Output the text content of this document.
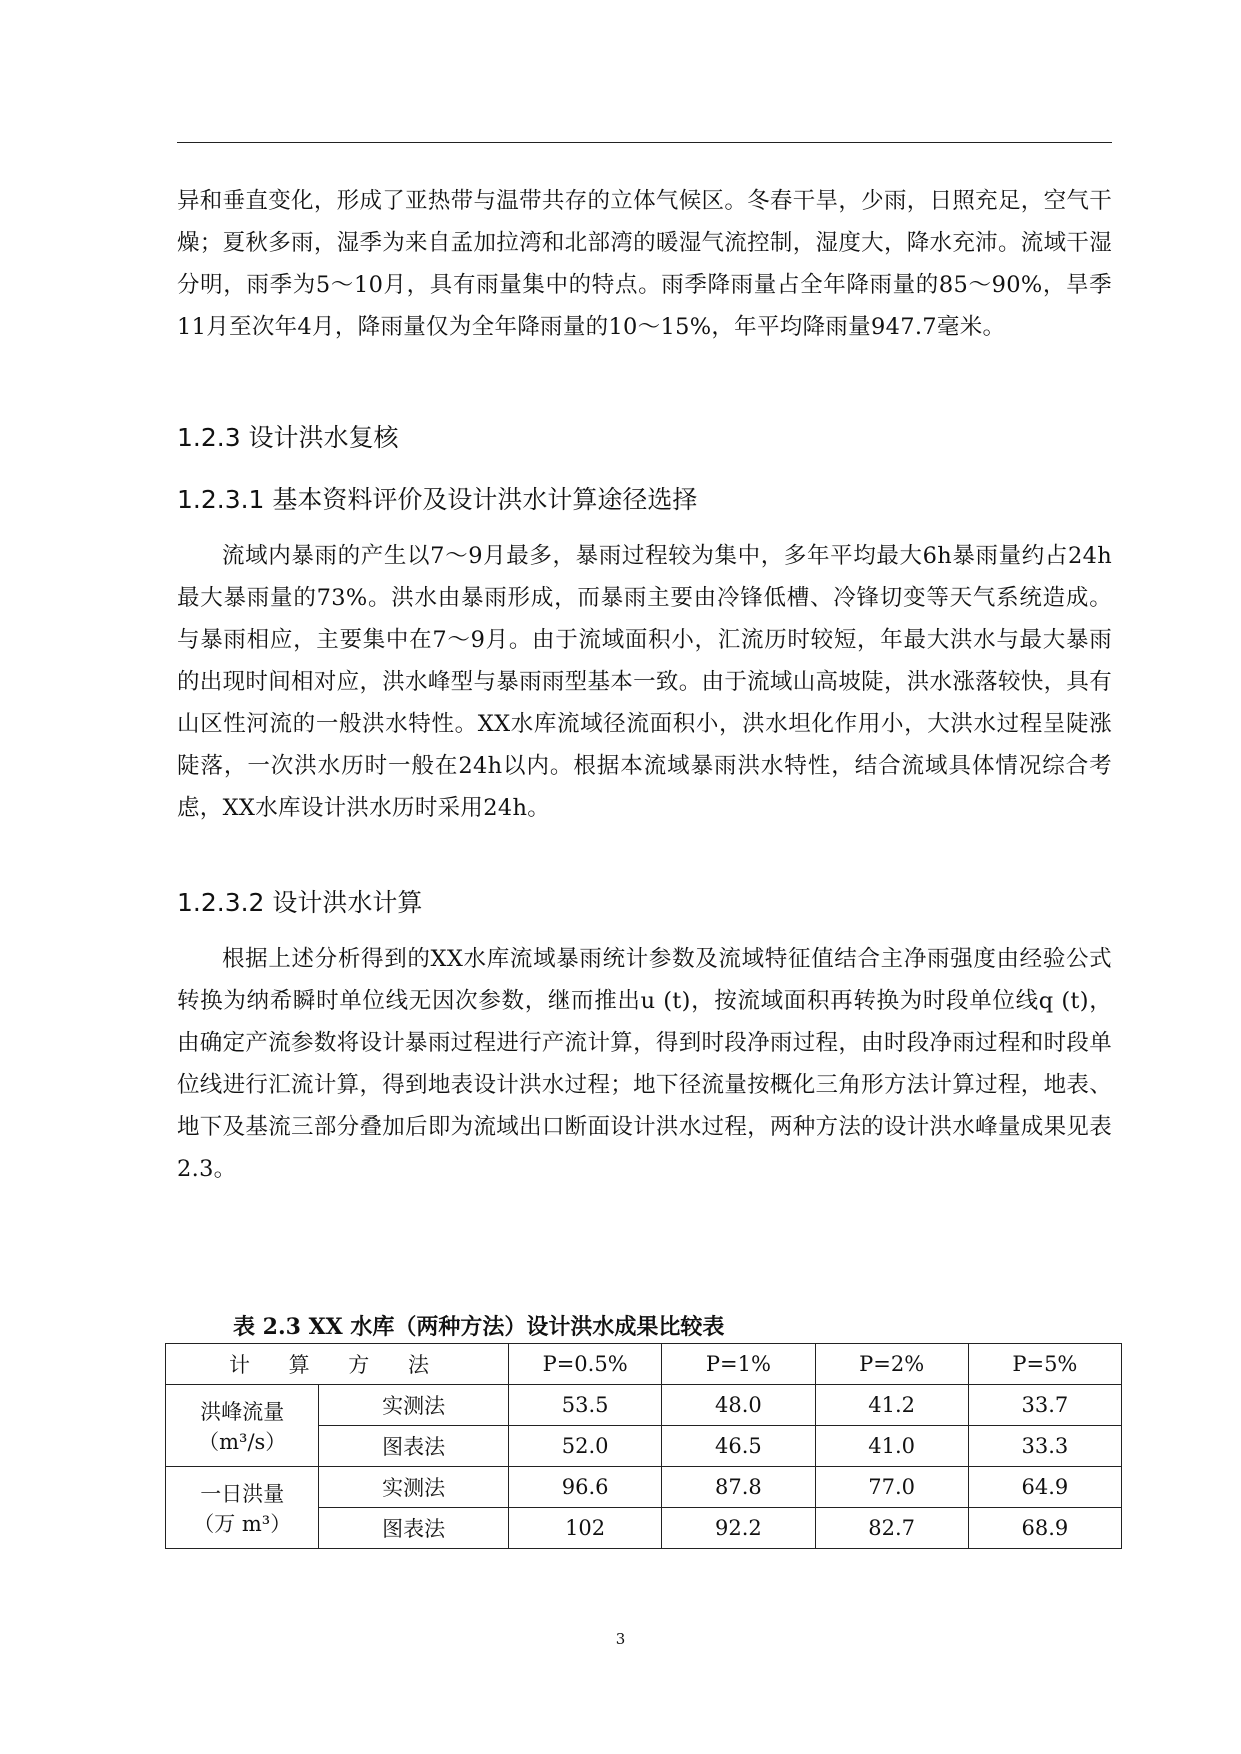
异和垂直变化，形成了亚热带与温带共存的立体气候区。冬春干旱，少雨，日照充足，空气干燥；夏秋多雨，湿季为来自孟加拉湾和北部湾的暖湿气流控制，湿度大，降水充沛。流域干湿分明，雨季为5～10月，具有雨量集中的特点。雨季降雨量占全年降雨量的85～90%，旱季11月至次年4月，降雨量仅为全年降雨量的10～15%，年平均降雨量947.7毫米。

1.2.3 设计洪水复核
1.2.3.1 基本资料评价及设计洪水计算途径选择

流域内暴雨的产生以7～9月最多，暴雨过程较为集中，多年平均最大6h暴雨量约占24h最大暴雨量的73%。洪水由暴雨形成，而暴雨主要由冷锋低槽、冷锋切变等天气系统造成。与暴雨相应，主要集中在7～9月。由于流域面积小，汇流历时较短，年最大洪水与最大暴雨的出现时间相对应，洪水峰型与暴雨雨型基本一致。由于流域山高坡陡，洪水涨落较快，具有山区性河流的一般洪水特性。XX水库流域径流面积小，洪水坦化作用小，大洪水过程呈陡涨陡落，一次洪水历时一般在24h以内。根据本流域暴雨洪水特性，结合流域具体情况综合考虑，XX水库设计洪水历时采用24h。

1.2.3.2 设计洪水计算

根据上述分析得到的XX水库流域暴雨统计参数及流域特征值结合主净雨强度由经验公式转换为纳希瞬时单位线无因次参数，继而推出u (t)，按流域面积再转换为时段单位线q (t)，由确定产流参数将设计暴雨过程进行产流计算，得到时段净雨过程，由时段净雨过程和时段单位线进行汇流计算，得到地表设计洪水过程；地下径流量按概化三角形方法计算过程，地表、地下及基流三部分叠加后即为流域出口断面设计洪水过程，两种方法的设计洪水峰量成果见表2.3。

表 2.3 XX 水库（两种方法）设计洪水成果比较表

计 算 方 法		P=0.5%	P=1%	P=2%	P=5%

洪峰流量
（m³/s）	实测法	53.5	48.0	41.2	33.7
	图表法	52.0	46.5	41.0	33.3

一日洪量
（万 m³）	实测法	96.6	87.8	77.0	64.9
	图表法	102	92.2	82.7	68.9
3
